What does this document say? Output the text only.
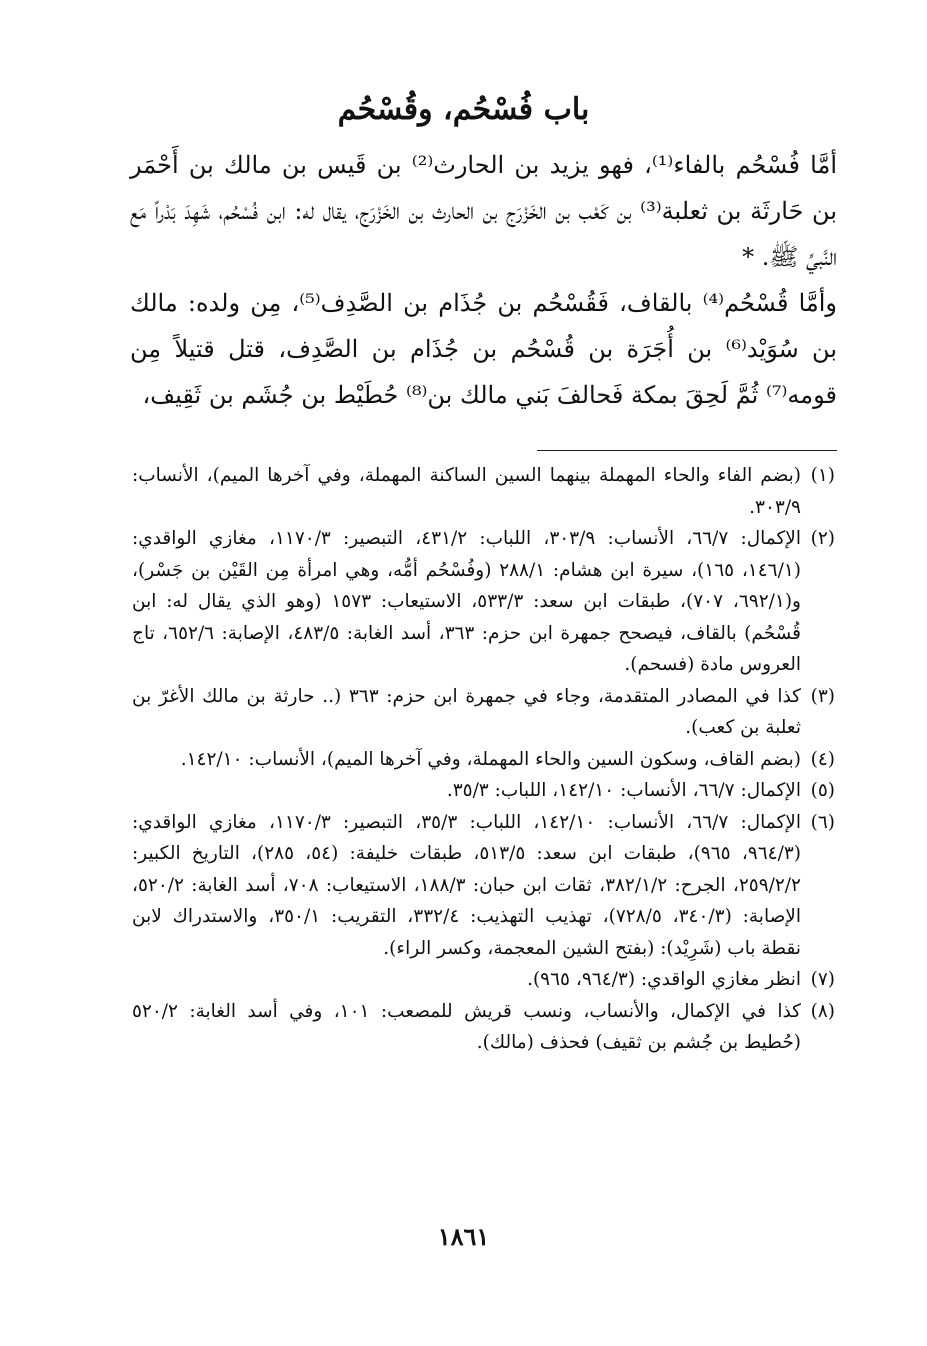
باب فُسْحُم، وقُسْحُم

أمَّا فُسْحُم بالفاء⁽¹⁾، فهو يزيد بن الحارث⁽²⁾ بن قَيس بن مالك بن أَحْمَر بن حَارثَة بن ثعلبة⁽³⁾ بن كَعْب بن الخَزْرَج بن الحارث بن الخَزْرَج، يقال له: ابن فُسْحُم، شَهِدَ بَدْراً مَع النَّبيِّ ﷺ. *

وأمَّا قُسْحُم⁽⁴⁾ بالقاف، فَقُسْحُم بن جُذَام بن الصَّدِف⁽⁵⁾، مِن ولده: مالك بن سُوَيْد⁽⁶⁾ بن أُجَرَة بن قُسْحُم بن جُذَام بن الصَّدِف، قتل قتيلاً مِن قومه⁽⁷⁾ ثُمَّ لَحِقَ بمكة فَحالفَ بَني مالك بن⁽⁸⁾ حُطَيْط بن جُشَم بن ثَقِيف،

(١)
(بضم الفاء والحاء المهملة بينهما السين الساكنة المهملة، وفي آخرها الميم)، الأنساب: ٣٠٣/٩.
(٢)
الإكمال: ٦٦/٧، الأنساب: ٣٠٣/٩، اللباب: ٤٣١/٢، التبصير: ١١٧٠/٣، مغازي الواقدي: (١٤٦/١، ١٦٥)، سيرة ابن هشام: ٢٨٨/١ (وفُسْحُم أمُّه، وهي امرأة مِن القَيْن بن جَسْر)، و(٦٩٢/١، ٧٠٧)، طبقات ابن سعد: ٥٣٣/٣، الاستيعاب: ١٥٧٣ (وهو الذي يقال له: ابن قُسْحُم) بالقاف، فيصحح جمهرة ابن حزم: ٣٦٣، أسد الغابة: ٤٨٣/٥، الإصابة: ٦٥٢/٦، تاج العروس مادة (فسحم).
(٣)
كذا في المصادر المتقدمة، وجاء في جمهرة ابن حزم: ٣٦٣ (.. حارثة بن مالك الأغرّ بن ثعلبة بن كعب).
(٤)
(بضم القاف، وسكون السين والحاء المهملة، وفي آخرها الميم)، الأنساب: ١٤٢/١٠.
(٥)
الإكمال: ٦٦/٧، الأنساب: ١٤٢/١٠، اللباب: ٣٥/٣.
(٦)
الإكمال: ٦٦/٧، الأنساب: ١٤٢/١٠، اللباب: ٣٥/٣، التبصير: ١١٧٠/٣، مغازي الواقدي: (٩٦٤/٣، ٩٦٥)، طبقات ابن سعد: ٥١٣/٥، طبقات خليفة: (٥٤، ٢٨٥)، التاريخ الكبير: ٢٥٩/٢/٢، الجرح: ٣٨٢/١/٢، ثقات ابن حبان: ١٨٨/٣، الاستيعاب: ٧٠٨، أسد الغابة: ٥٢٠/٢، الإصابة: (٣٤٠/٣، ٧٢٨/٥)، تهذيب التهذيب: ٣٣٢/٤، التقريب: ٣٥٠/١، والاستدراك لابن نقطة باب (شَرِيْد): (بفتح الشين المعجمة، وكسر الراء).
(٧)
انظر مغازي الواقدي: (٩٦٤/٣، ٩٦٥).
(٨)
كذا في الإكمال، والأنساب، ونسب قريش للمصعب: ١٠١، وفي أسد الغابة: ٥٢٠/٢ (حُطيط بن جُشم بن ثقيف) فحذف (مالك).
١٨٦١
